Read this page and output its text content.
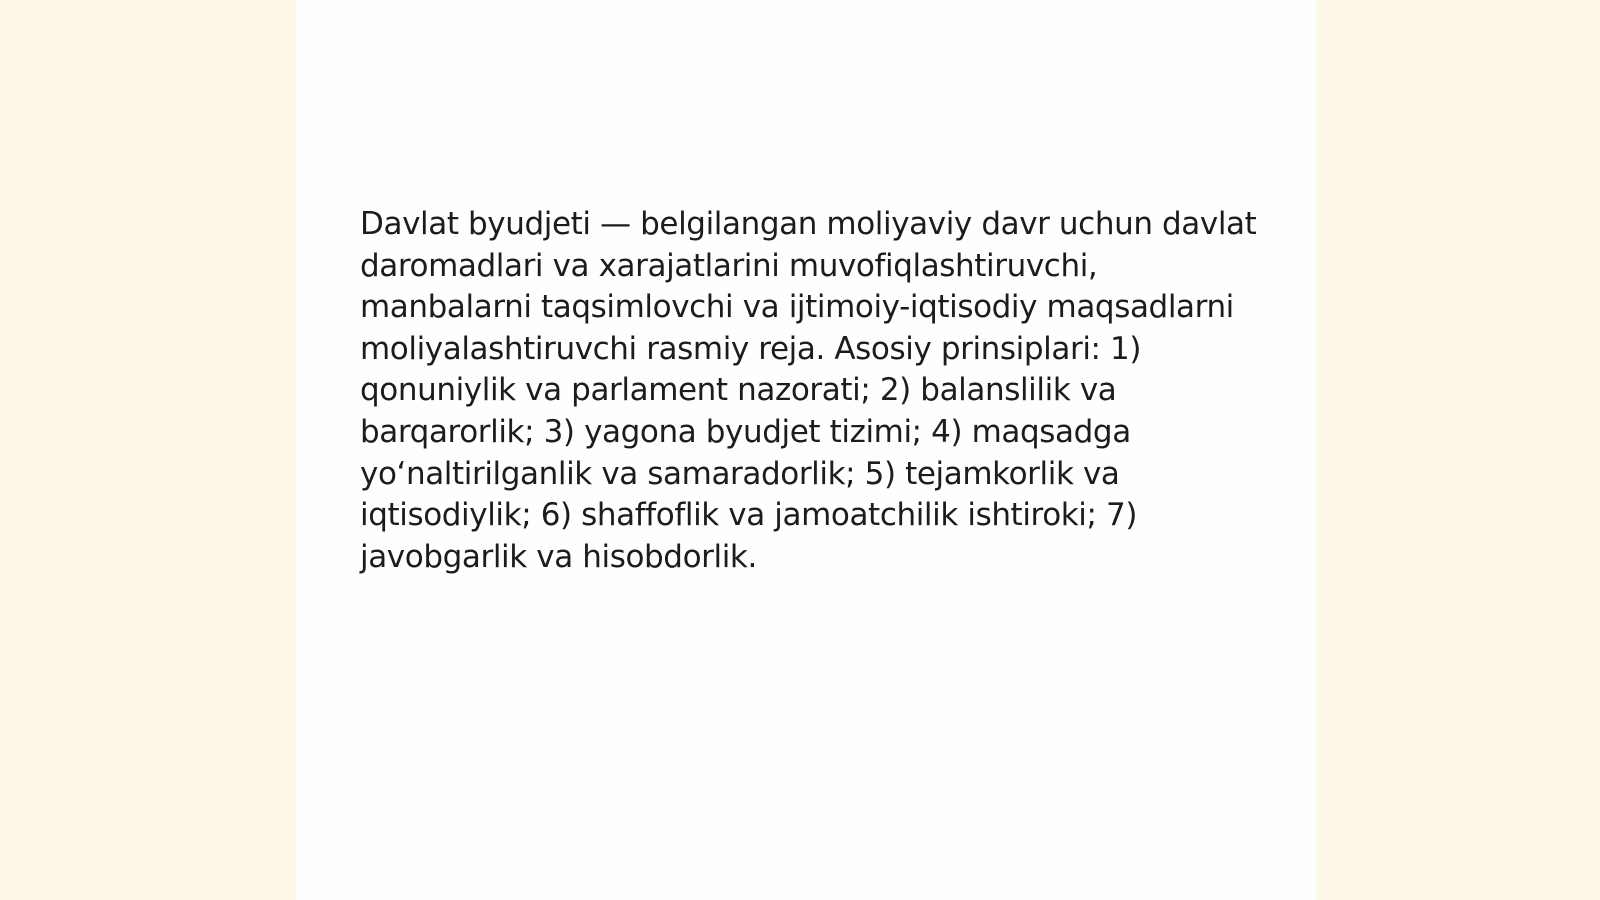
Davlat byudjeti — belgilangan moliyaviy davr uchun davlat daromadlari va xarajatlarini muvofiqlashtiruvchi, manbalarni taqsimlovchi va ijtimoiy-iqtisodiy maqsadlarni moliyalashtiruvchi rasmiy reja. Asosiy prinsiplari: 1) qonuniylik va parlament nazorati; 2) balanslilik va barqarorlik; 3) yagona byudjet tizimi; 4) maqsadga yoʻnaltirilganlik va samaradorlik; 5) tejamkorlik va iqtisodiylik; 6) shaffoflik va jamoatchilik ishtiroki; 7) javobgarlik va hisobdorlik.
